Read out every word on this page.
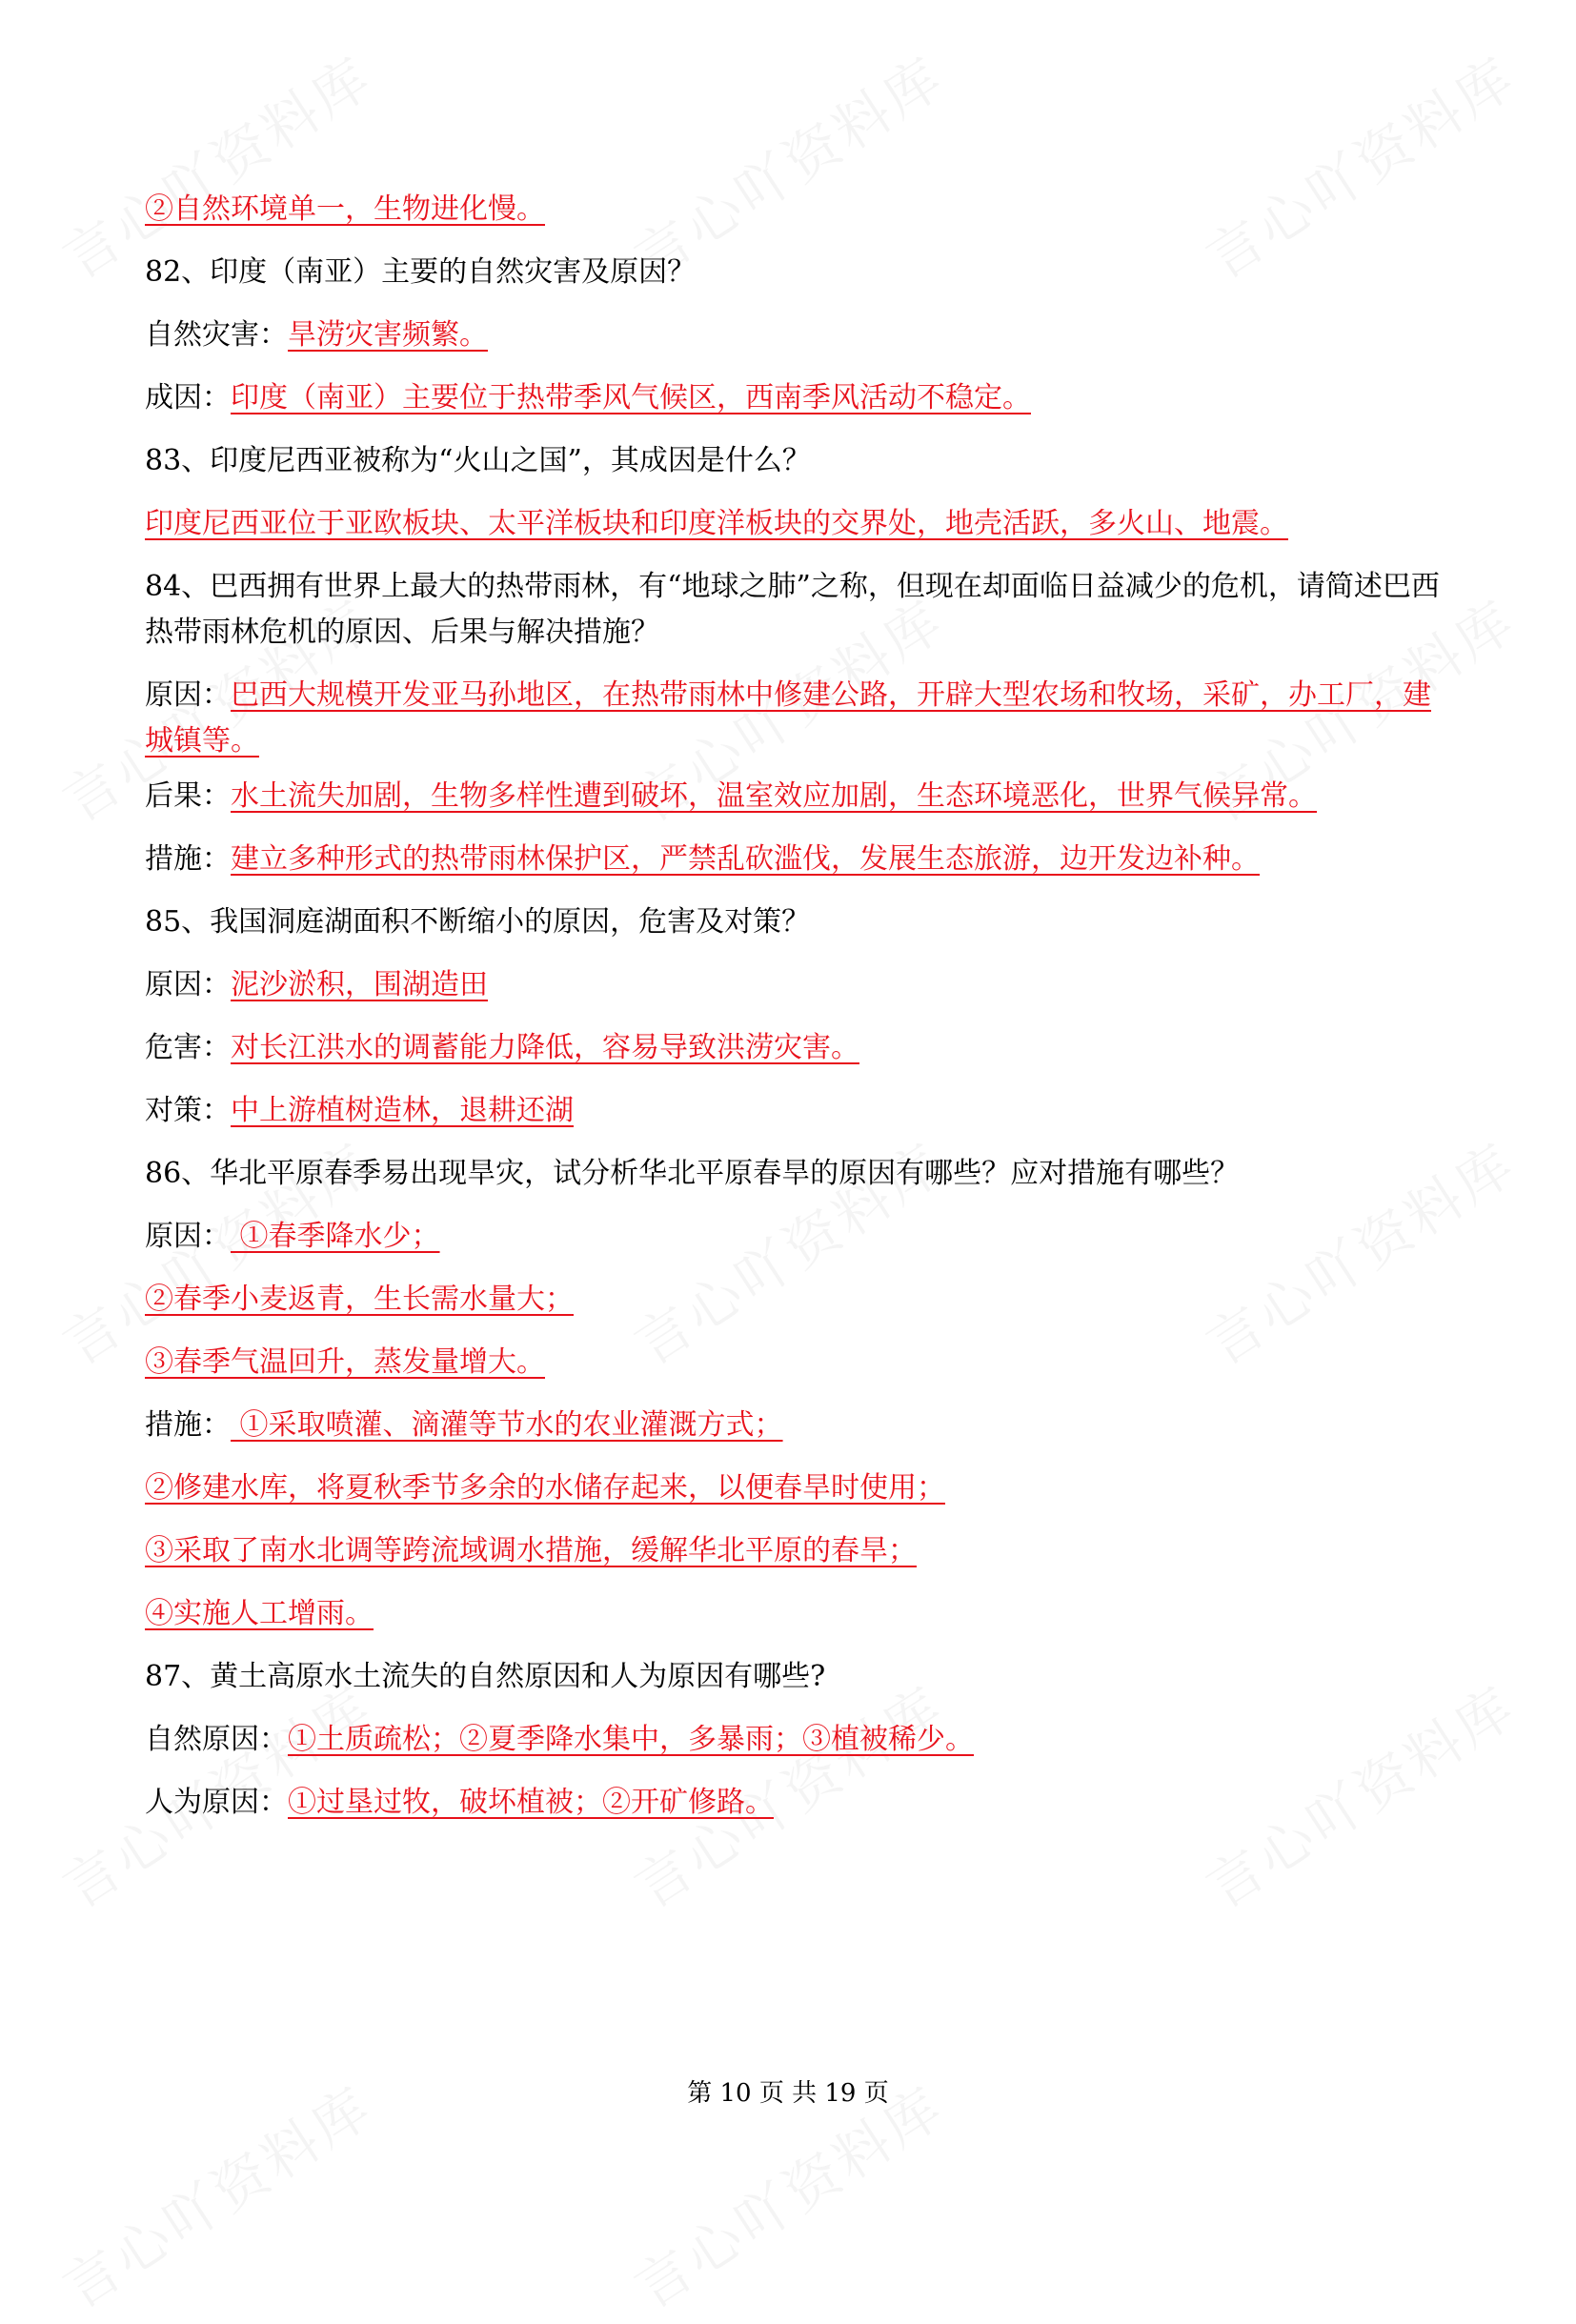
②自然环境单一，生物进化慢。
82、印度（南亚）主要的自然灾害及原因？
自然灾害：旱涝灾害频繁。
成因：印度（南亚）主要位于热带季风气候区，西南季风活动不稳定。
83、印度尼西亚被称为“火山之国”，其成因是什么？
印度尼西亚位于亚欧板块、太平洋板块和印度洋板块的交界处，地壳活跃，多火山、地震。
84、巴西拥有世界上最大的热带雨林，有“地球之肺”之称，但现在却面临日益减少的危机，请简述巴西热带雨林危机的原因、后果与解决措施？
原因：巴西大规模开发亚马孙地区，在热带雨林中修建公路，开辟大型农场和牧场，采矿，办工厂，建城镇等。
后果：水土流失加剧，生物多样性遭到破坏，温室效应加剧，生态环境恶化，世界气候异常。
措施：建立多种形式的热带雨林保护区，严禁乱砍滥伐，发展生态旅游，边开发边补种。
85、我国洞庭湖面积不断缩小的原因，危害及对策？
原因：泥沙淤积，围湖造田
危害：对长江洪水的调蓄能力降低，容易导致洪涝灾害。
对策：中上游植树造林，退耕还湖
86、华北平原春季易出现旱灾，试分析华北平原春旱的原因有哪些？应对措施有哪些？
原因： ①春季降水少；
②春季小麦返青，生长需水量大；
③春季气温回升，蒸发量增大。
措施： ①采取喷灌、滴灌等节水的农业灌溉方式；
②修建水库，将夏秋季节多余的水储存起来，以便春旱时使用；
③采取了南水北调等跨流域调水措施，缓解华北平原的春旱；
④实施人工增雨。
87、黄土高原水土流失的自然原因和人为原因有哪些?
自然原因：①土质疏松；②夏季降水集中，多暴雨；③植被稀少。
人为原因：①过垦过牧，破坏植被；②开矿修路。
第 10 页 共 19 页
